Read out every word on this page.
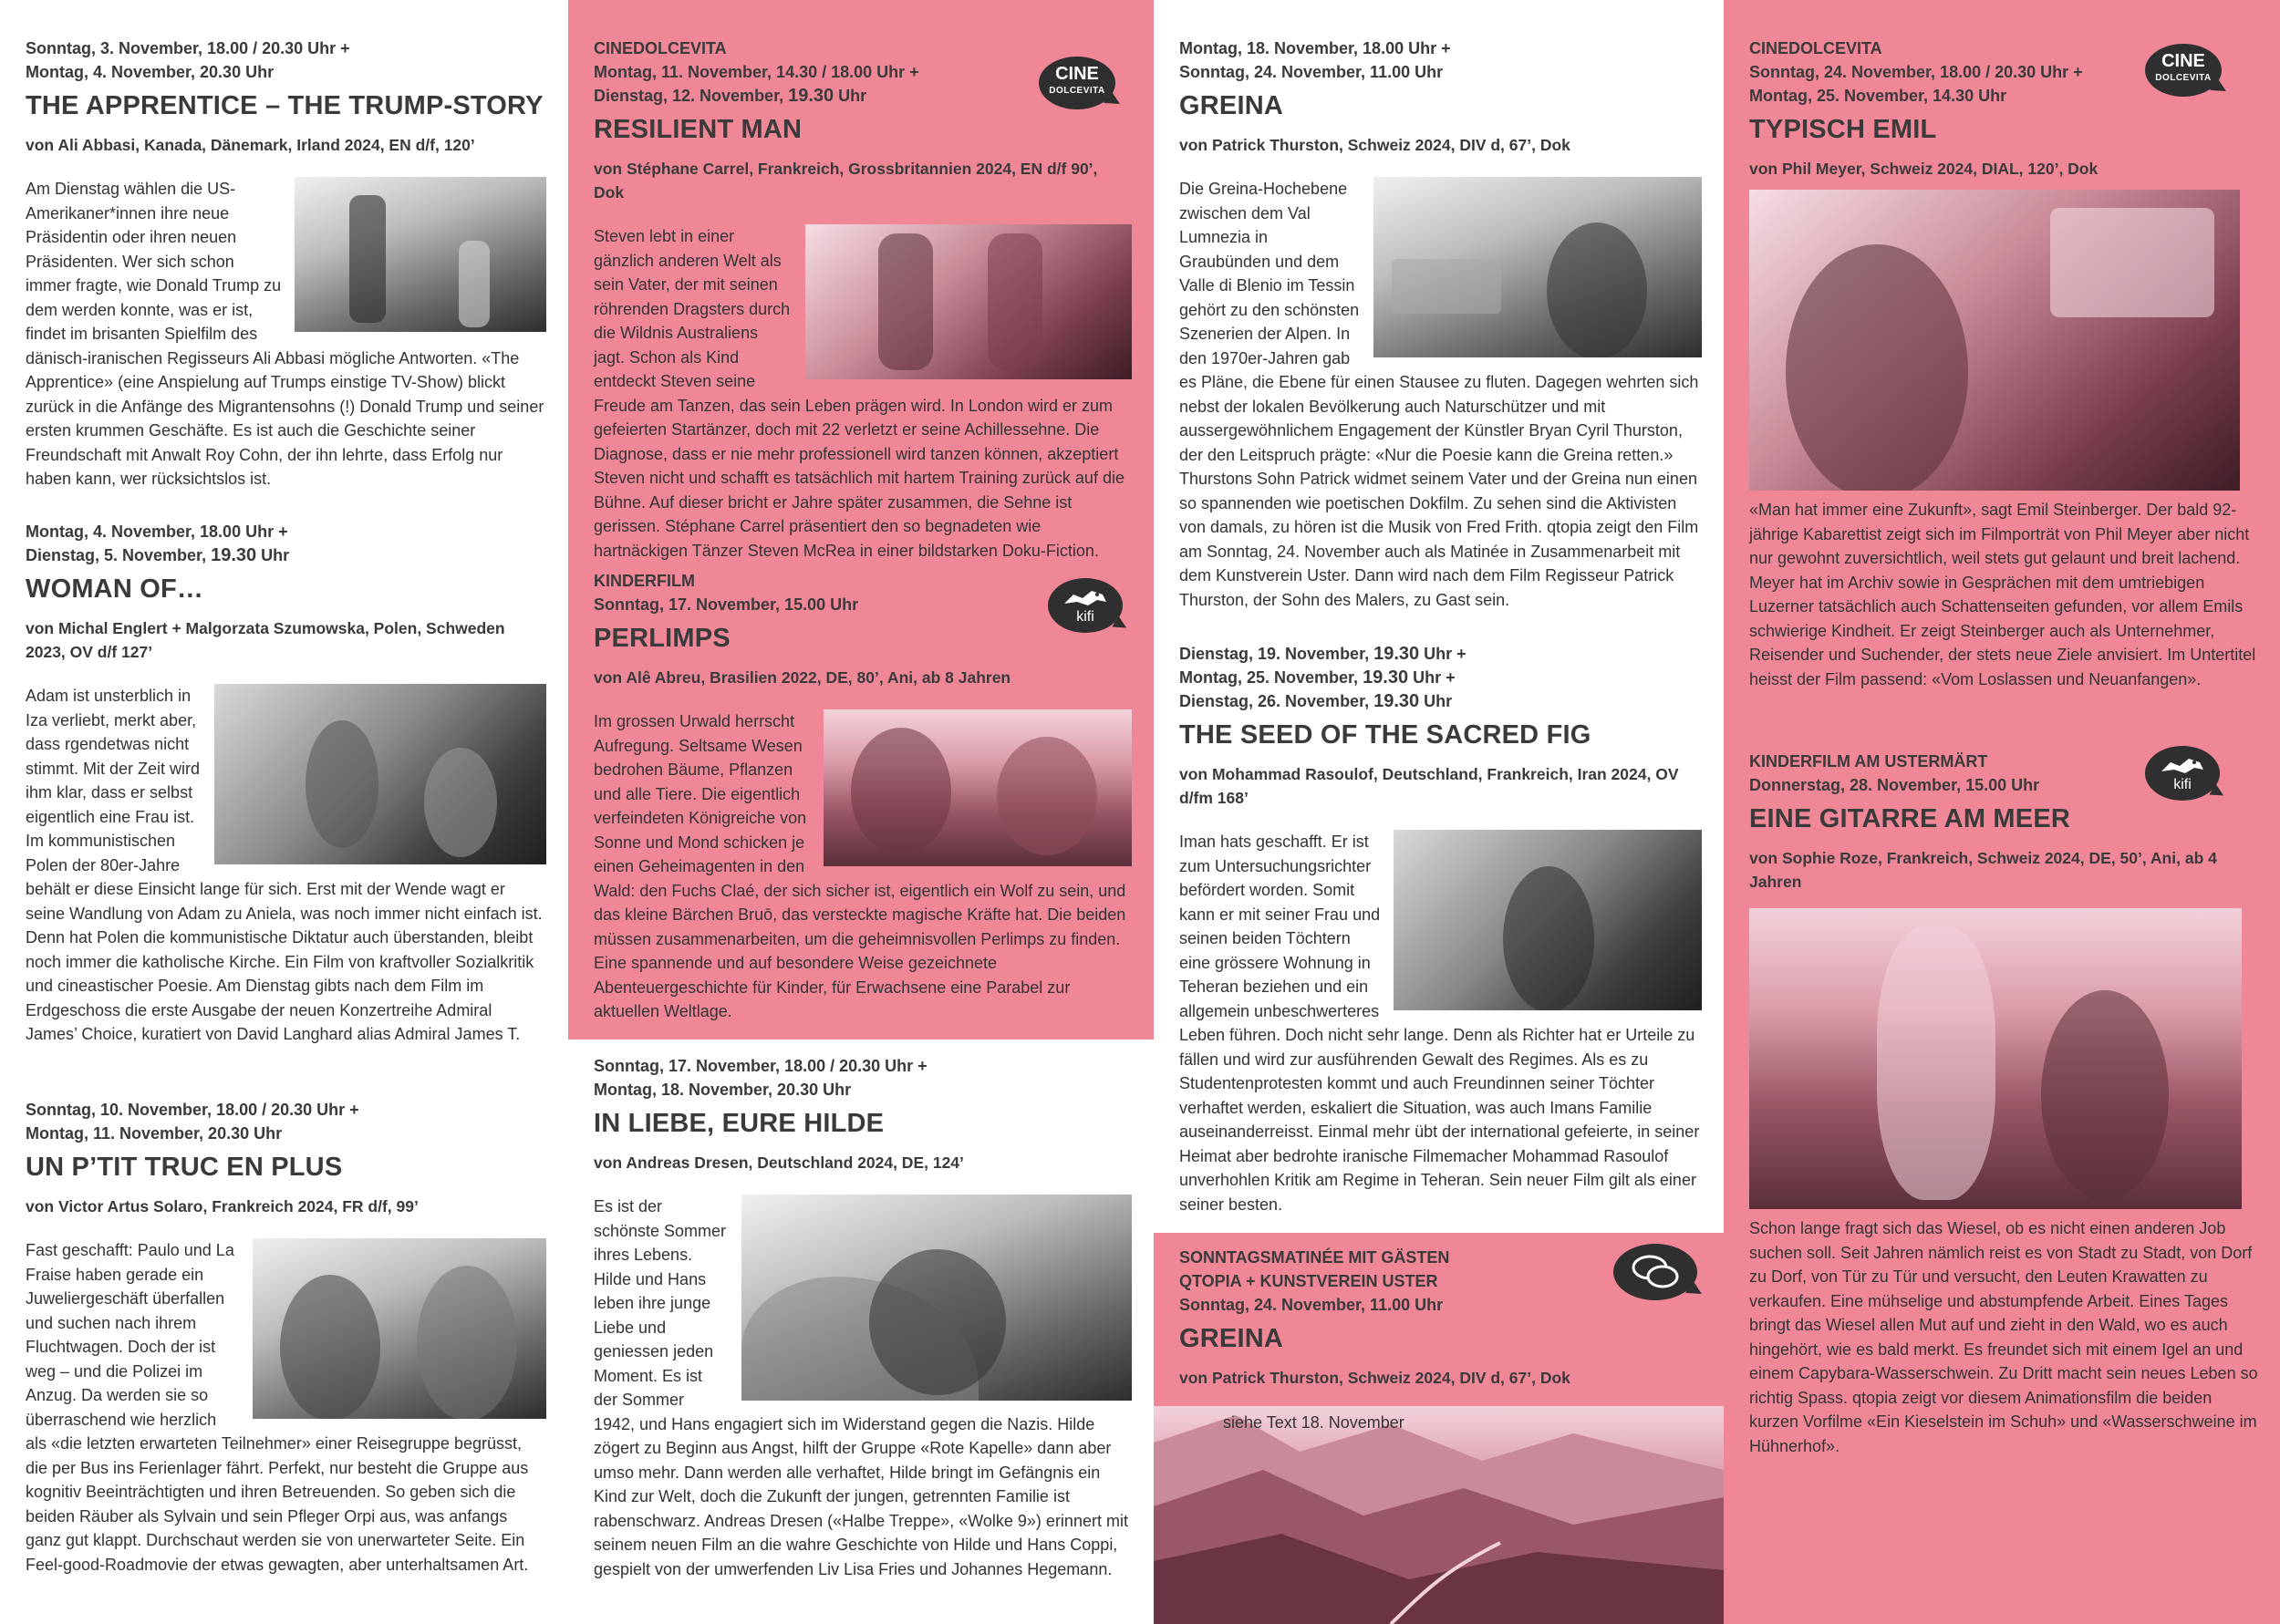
Sonntag, 3. November, 18.00 / 20.30 Uhr +
Montag, 4. November, 20.30 Uhr
THE APPRENTICE – THE TRUMP-STORY
von Ali Abbasi, Kanada, Dänemark, Irland 2024, EN d/f, 120’
Am Dienstag wählen die US-Amerikaner*innen ihre neue Präsidentin oder ihren neuen Präsidenten. Wer sich schon immer fragte, wie Donald Trump zu dem werden konnte, was er ist, findet im brisanten Spielfilm des dänisch-iranischen Regisseurs Ali Abbasi mögliche Antworten. «The Apprentice» (eine Anspielung auf Trumps einstige TV-Show) blickt zurück in die Anfänge des Migrantensohns (!) Donald Trump und seiner ersten krummen Geschäfte. Es ist auch die Geschichte seiner Freundschaft mit Anwalt Roy Cohn, der ihn lehrte, dass Erfolg nur haben kann, wer rücksichtslos ist.
Montag, 4. November, 18.00 Uhr +
Dienstag, 5. November, 19.30 Uhr
WOMAN OF…
von Michal Englert + Malgorzata Szumowska, Polen, Schweden 2023, OV d/f 127’
Adam ist unsterblich in Iza verliebt, merkt aber, dass rgendetwas nicht stimmt. Mit der Zeit wird ihm klar, dass er selbst eigentlich eine Frau ist. Im kommunistischen Polen der 80er-Jahre behält er diese Einsicht lange für sich. Erst mit der Wende wagt er seine Wandlung von Adam zu Aniela, was noch immer nicht einfach ist. Denn hat Polen die kommunistische Diktatur auch überstanden, bleibt noch immer die katholische Kirche. Ein Film von kraftvoller Sozialkritik und cineastischer Poesie. Am Dienstag gibts nach dem Film im Erdgeschoss die erste Ausgabe der neuen Konzertreihe Admiral James’ Choice, kuratiert von David Langhard alias Admiral James T.
Sonntag, 10. November, 18.00 / 20.30 Uhr +
Montag, 11. November, 20.30 Uhr
UN P’TIT TRUC EN PLUS
von Victor Artus Solaro, Frankreich 2024, FR d/f, 99’
Fast geschafft: Paulo und La Fraise haben gerade ein Juweliergeschäft überfallen und suchen nach ihrem Fluchtwagen. Doch der ist weg – und die Polizei im Anzug. Da werden sie so überraschend wie herzlich als «die letzten erwarteten Teilnehmer» einer Reisegruppe begrüsst, die per Bus ins Ferienlager fährt. Perfekt, nur besteht die Gruppe aus kognitiv Beeinträchtigten und ihren Betreuenden. So geben sich die beiden Räuber als Sylvain und sein Pfleger Orpi aus, was anfangs ganz gut klappt. Durchschaut werden sie von unerwarteter Seite. Ein Feel-good-Roadmovie der etwas gewagten, aber unterhaltsamen Art.
CINEDOLCEVITA
Montag, 11. November, 14.30 / 18.00 Uhr +
Dienstag, 12. November, 19.30 Uhr
RESILIENT MAN
von Stéphane Carrel, Frankreich, Grossbritannien 2024, EN d/f 90’, Dok
Steven lebt in einer gänzlich anderen Welt als sein Vater, der mit seinen röhrenden Dragsters durch die Wildnis Australiens jagt. Schon als Kind entdeckt Steven seine Freude am Tanzen, das sein Leben prägen wird. In London wird er zum gefeierten Startänzer, doch mit 22 verletzt er seine Achillessehne. Die Diagnose, dass er nie mehr professionell wird tanzen können, akzeptiert Steven nicht und schafft es tatsächlich mit hartem Training zurück auf die Bühne. Auf dieser bricht er Jahre später zusammen, die Sehne ist gerissen. Stéphane Carrel präsentiert den so begnadeten wie hartnäckigen Tänzer Steven McRea in einer bildstarken Doku-Fiction.
CINE
DOLCEVITA
KINDERFILM
Sonntag, 17. November, 15.00 Uhr
PERLIMPS
von Alê Abreu, Brasilien 2022, DE, 80’, Ani, ab 8 Jahren
Im grossen Urwald herrscht Aufregung. Seltsame Wesen bedrohen Bäume, Pflanzen und alle Tiere. Die eigentlich verfeindeten Königreiche von Sonne und Mond schicken je einen Geheimagenten in den Wald: den Fuchs Claé, der sich sicher ist, eigentlich ein Wolf zu sein, und das kleine Bärchen Bruō, das versteckte magische Kräfte hat. Die beiden müssen zusammenarbeiten, um die geheimnisvollen Perlimps zu finden. Eine spannende und auf besondere Weise gezeichnete Abenteuergeschichte für Kinder, für Erwachsene eine Parabel zur aktuellen Weltlage.
kifi
Sonntag, 17. November, 18.00 / 20.30 Uhr +
Montag, 18. November, 20.30 Uhr
IN LIEBE, EURE HILDE
von Andreas Dresen, Deutschland 2024, DE, 124’
Es ist der schönste Sommer ihres Lebens. Hilde und Hans leben ihre junge Liebe und geniessen jeden Moment. Es ist der Sommer 1942, und Hans engagiert sich im Widerstand gegen die Nazis. Hilde zögert zu Beginn aus Angst, hilft der Gruppe «Rote Kapelle» dann aber umso mehr. Dann werden alle verhaftet, Hilde bringt im Gefängnis ein Kind zur Welt, doch die Zukunft der jungen, getrennten Familie ist rabenschwarz. Andreas Dresen («Halbe Treppe», «Wolke 9») erinnert mit seinem neuen Film an die wahre Geschichte von Hilde und Hans Coppi, gespielt von der umwerfenden Liv Lisa Fries und Johannes Hegemann.
Montag, 18. November, 18.00 Uhr +
Sonntag, 24. November, 11.00 Uhr
GREINA
von Patrick Thurston, Schweiz 2024, DIV d, 67’, Dok
Die Greina-Hochebene zwischen dem Val Lumnezia in Graubünden und dem Valle di Blenio im Tessin gehört zu den schönsten Szenerien der Alpen. In den 1970er-Jahren gab es Pläne, die Ebene für einen Stausee zu fluten. Dagegen wehrten sich nebst der lokalen Bevölkerung auch Naturschützer und mit aussergewöhnlichem Engagement der Künstler Bryan Cyril Thurston, der den Leitspruch prägte: «Nur die Poesie kann die Greina retten.» Thurstons Sohn Patrick widmet seinem Vater und der Greina nun einen so spannenden wie poetischen Dokfilm. Zu sehen sind die Aktivisten von damals, zu hören ist die Musik von Fred Frith. qtopia zeigt den Film am Sonntag, 24. November auch als Matinée in Zusammenarbeit mit dem Kunstverein Uster. Dann wird nach dem Film Regisseur Patrick Thurston, der Sohn des Malers, zu Gast sein.
Dienstag, 19. November, 19.30 Uhr +
Montag, 25. November, 19.30 Uhr +
Dienstag, 26. November, 19.30 Uhr
THE SEED OF THE SACRED FIG
von Mohammad Rasoulof, Deutschland, Frankreich, Iran 2024, OV d/fm 168’
Iman hats geschafft. Er ist zum Untersuchungsrichter befördert worden. Somit kann er mit seiner Frau und seinen beiden Töchtern eine grössere Wohnung in Teheran beziehen und ein allgemein unbeschwerteres Leben führen. Doch nicht sehr lange. Denn als Richter hat er Urteile zu fällen und wird zur ausführenden Gewalt des Regimes. Als es zu Studentenprotesten kommt und auch Freundinnen seiner Töchter verhaftet werden, eskaliert die Situation, was auch Imans Familie auseinanderreisst. Einmal mehr übt der international gefeierte, in seiner Heimat aber bedrohte iranische Filmemacher Mohammad Rasoulof unverhohlen Kritik am Regime in Teheran. Sein neuer Film gilt als einer seiner besten.
SONNTAGSMATINÉE MIT GÄSTEN
QTOPIA + KUNSTVEREIN USTER
Sonntag, 24. November, 11.00 Uhr
GREINA
von Patrick Thurston, Schweiz 2024, DIV d, 67’, Dok
siehe Text 18. November
CINEDOLCEVITA
Sonntag, 24. November, 18.00 / 20.30 Uhr +
Montag, 25. November, 14.30 Uhr
TYPISCH EMIL
von Phil Meyer, Schweiz 2024, DIAL, 120’, Dok
«Man hat immer eine Zukunft», sagt Emil Steinberger. Der bald 92-jährige Kabarettist zeigt sich im Filmporträt von Phil Meyer aber nicht nur gewohnt zuversichtlich, weil stets gut gelaunt und breit lachend. Meyer hat im Archiv sowie in Gesprächen mit dem umtriebigen Luzerner tatsächlich auch Schattenseiten gefunden, vor allem Emils schwierige Kindheit. Er zeigt Steinberger auch als Unternehmer, Reisender und Suchender, der stets neue Ziele anvisiert. Im Untertitel heisst der Film passend: «Vom Loslassen und Neuanfangen».
CINE
DOLCEVITA
KINDERFILM AM USTERMÄRT
Donnerstag, 28. November, 15.00 Uhr
EINE GITARRE AM MEER
von Sophie Roze, Frankreich, Schweiz 2024, DE, 50’, Ani, ab 4 Jahren
Schon lange fragt sich das Wiesel, ob es nicht einen anderen Job suchen soll. Seit Jahren nämlich reist es von Stadt zu Stadt, von Dorf zu Dorf, von Tür zu Tür und versucht, den Leuten Krawatten zu verkaufen. Eine mühselige und abstumpfende Arbeit. Eines Tages bringt das Wiesel allen Mut auf und zieht in den Wald, wo es auch hingehört, wie es bald merkt. Es freundet sich mit einem Igel an und einem Capybara-Wasserschwein. Zu Dritt macht sein neues Leben so richtig Spass. qtopia zeigt vor diesem Animationsfilm die beiden kurzen Vorfilme «Ein Kieselstein im Schuh» und «Wasserschweine im Hühnerhof».
kifi
